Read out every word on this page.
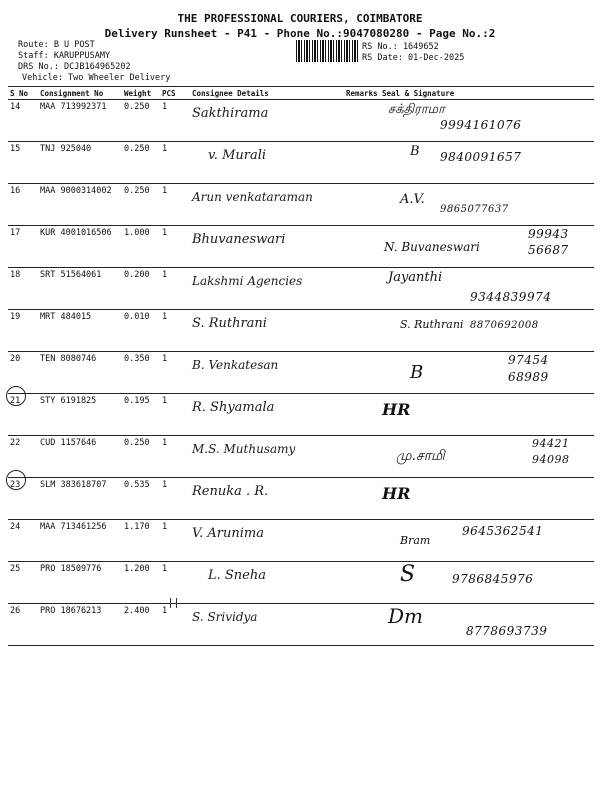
THE PROFESSIONAL COURIERS, COIMBATORE
Delivery Runsheet - P41 - Phone No.:9047080280 - Page No.:2
Route: B U POST
Staff: KARUPPUSAMY
DRS No.: DCJB164965202
Vehicle: Two Wheeler Delivery
RS No.: 1649652
RS Date: 01-Dec-2025
S No	Consignment No	Weight	PCS	Consignee Details	Remarks	Seal & Signature
14	MAA 713992371	0.250	1	Sakthirama		சக்திராமா
9994161076

15	TNJ 925040	0.250	1	v. Murali		B 9840091657

16	MAA 9000314002	0.250	1	Arun venkataraman		A.V.
9865077637

17	KUR 4001016506	1.000	1	Bhuvaneswari		N. Buvaneswari
99943 56687

18	SRT 51564061	0.200	1	Lakshmi Agencies		Jayanthi
9344839974

19	MRT 484015	0.010	1	S. Ruthrani		S. Ruthrani 8870692008

20	TEN 8080746	0.350	1	B. Venkatesan		B
97454 68989

21	STY 6191825	0.195	1	R. Shyamala		HR

22	CUD 1157646	0.250	1	M.S. Muthusamy		மு.சாமி
94421 94098

23	SLM 383618707	0.535	1	Renuka . R.		HR

24	MAA 713461256	1.170	1	V. Arunima		Bram
9645362541

25	PRO 18509776	1.200	1	L. Sneha		S 9786845976

26	PRO 18676213	2.400	1	S. Srividya		Dm
8778693739
